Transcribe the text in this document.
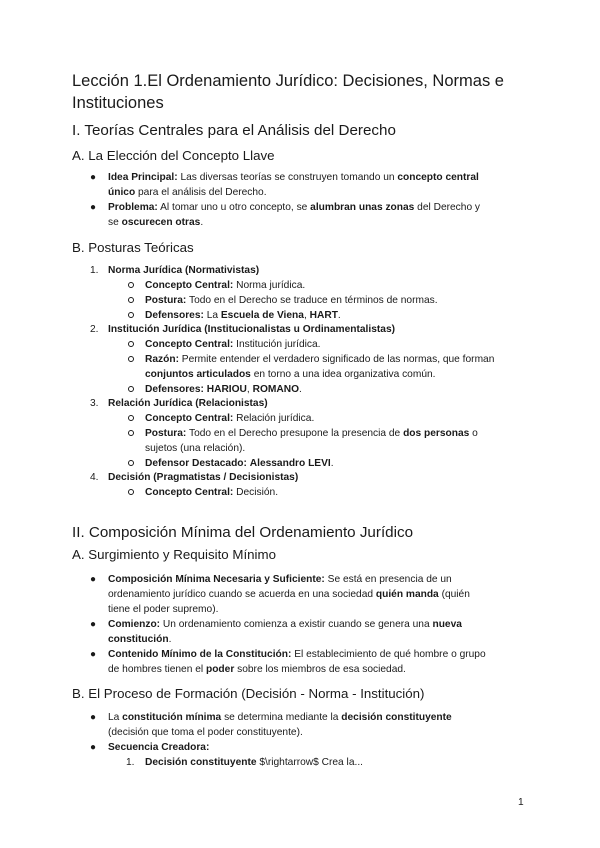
Lección 1.El Ordenamiento Jurídico: Decisiones, Normas e
Instituciones
I. Teorías Centrales para el Análisis del Derecho
A. La Elección del Concepto Llave
● Idea Principal: Las diversas teorías se construyen tomando un concepto central

único para el análisis del Derecho.

● Problema: Al tomar uno u otro concepto, se alumbran unas zonas del Derecho y

se oscurecen otras.

B. Posturas Teóricas
1. Norma Jurídica (Normativistas)

Concepto Central: Norma jurídica.

Postura: Todo en el Derecho se traduce en términos de normas.

Defensores: La Escuela de Viena, HART.

2. Institución Jurídica (Institucionalistas u Ordinamentalistas)

Concepto Central: Institución jurídica.

Razón: Permite entender el verdadero significado de las normas, que forman

conjuntos articulados en torno a una idea organizativa común.

Defensores: HARIOU, ROMANO.

3. Relación Jurídica (Relacionistas)

Concepto Central: Relación jurídica.

Postura: Todo en el Derecho presupone la presencia de dos personas o

sujetos (una relación).

Defensor Destacado: Alessandro LEVI.

4. Decisión (Pragmatistas / Decisionistas)

Concepto Central: Decisión.

II. Composición Mínima del Ordenamiento Jurídico
A. Surgimiento y Requisito Mínimo
● Composición Mínima Necesaria y Suficiente: Se está en presencia de un

ordenamiento jurídico cuando se acuerda en una sociedad quién manda (quién

tiene el poder supremo).

● Comienzo: Un ordenamiento comienza a existir cuando se genera una nueva

constitución.

● Contenido Mínimo de la Constitución: El establecimiento de qué hombre o grupo

de hombres tienen el poder sobre los miembros de esa sociedad.

B. El Proceso de Formación (Decisión - Norma - Institución)
● La constitución mínima se determina mediante la decisión constituyente

(decisión que toma el poder constituyente).

● Secuencia Creadora:

1. Decisión constituyente $\rightarrow$ Crea la...

1
